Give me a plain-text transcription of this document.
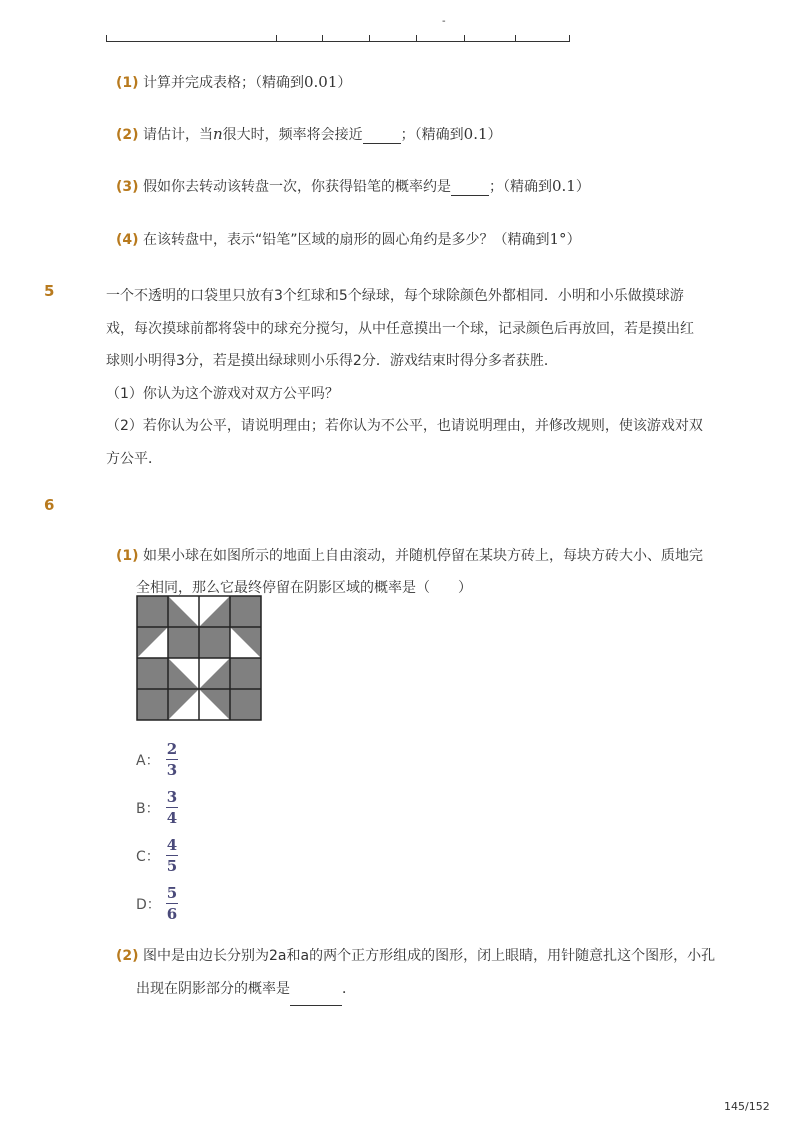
-
(1) 计算并完成表格；（精确到0.01）
(2) 请估计，当n很大时，频率将会接近	；（精确到0.1）
(3) 假如你去转动该转盘一次，你获得铅笔的概率约是	；（精确到0.1）
(4) 在该转盘中，表示“铅笔”区域的扇形的圆心角约是多少？（精确到1°）
5	一个不透明的口袋里只放有3个红球和5个绿球，每个球除颜色外都相同．小明和小乐做摸球游
戏，每次摸球前都将袋中的球充分搅匀，从中任意摸出一个球，记录颜色后再放回，若是摸出红
球则小明得3分，若是摸出绿球则小乐得2分．游戏结束时得分多者获胜．
（1）你认为这个游戏对双方公平吗？
（2）若你认为公平，请说明理由；若你认为不公平，也请说明理由，并修改规则，使该游戏对双
方公平．
6
(1) 如果小球在如图所示的地面上自由滚动，并随机停留在某块方砖上，每块方砖大小、质地完
全相同，那么它最终停留在阴影区域的概率是（　　）
A： $\frac{2}{3}$
B： $\frac{3}{4}$
C： $\frac{4}{5}$
D： $\frac{5}{6}$
(2) 图中是由边长分别为2a和a的两个正方形组成的图形，闭上眼睛，用针随意扎这个图形，小孔
出现在阴影部分的概率是	．
145/152
